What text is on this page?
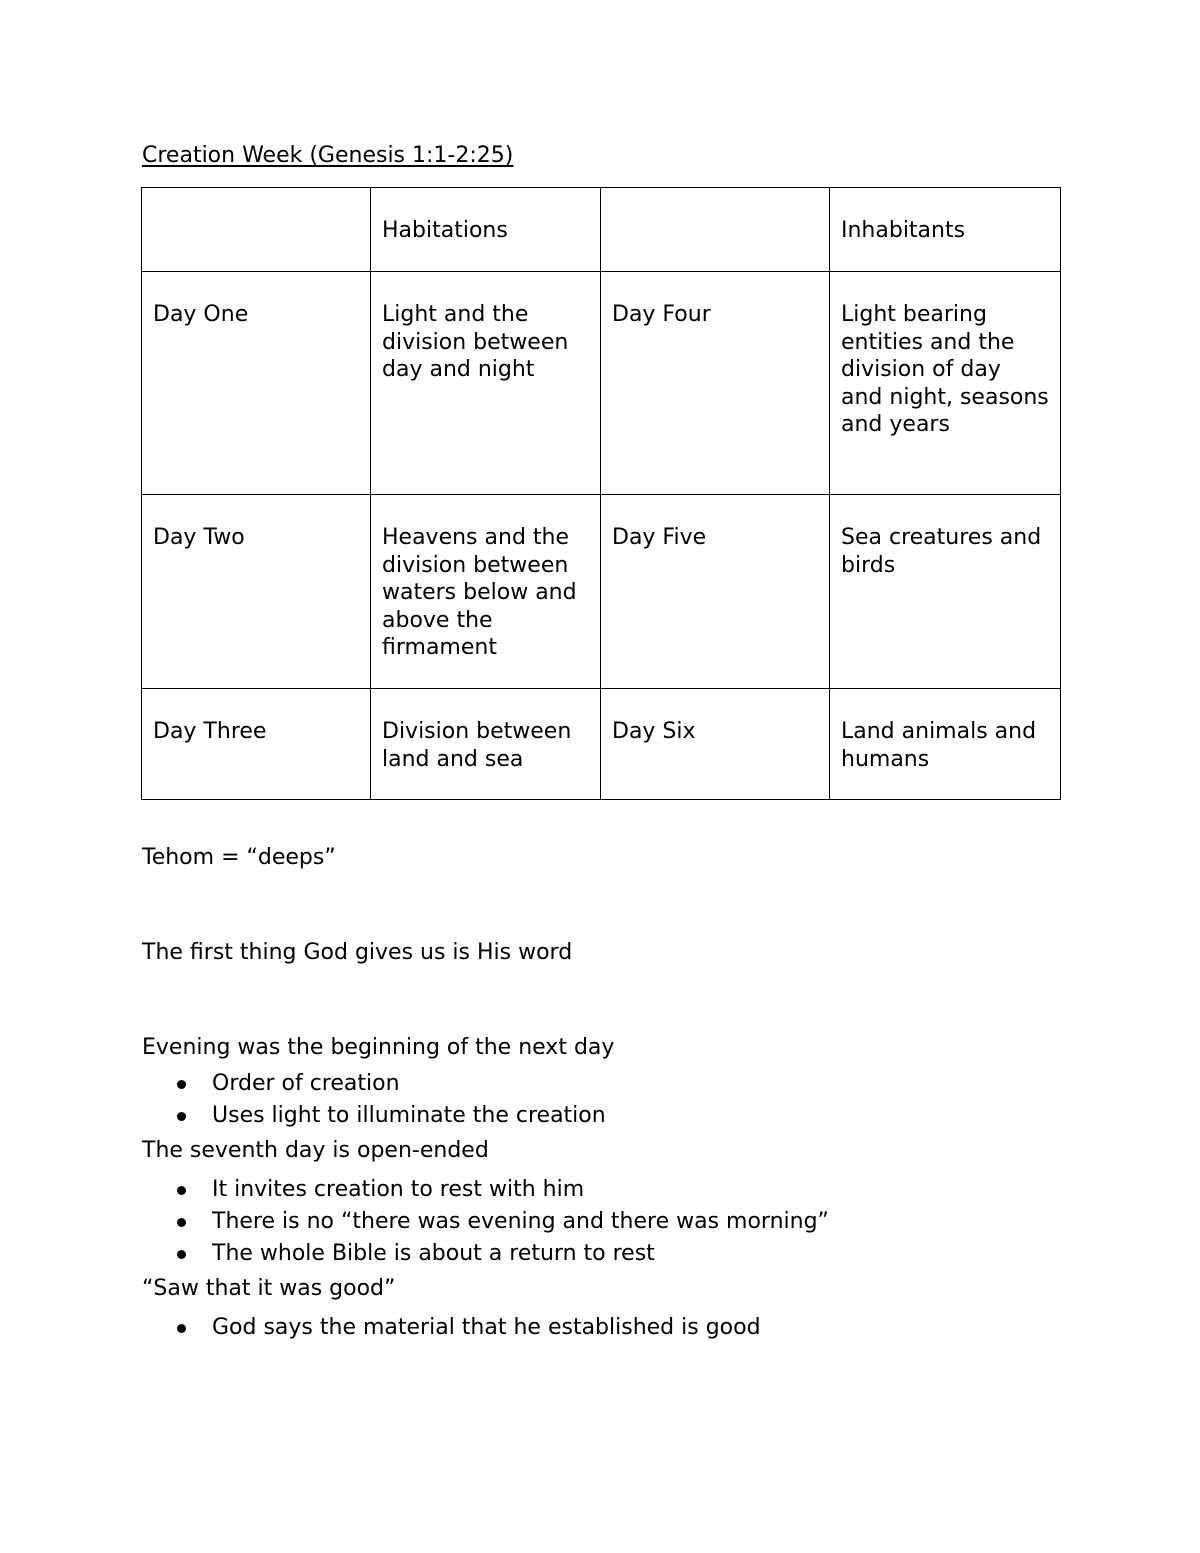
Creation Week (Genesis 1:1-2:25)
	Habitations		Inhabitants
Day One	Light and the division between day and night	Day Four	Light bearing entities and the division of day and night, seasons and years
Day Two	Heavens and the division between waters below and above the firmament	Day Five	Sea creatures and birds
Day Three	Division between land and sea	Day Six	Land animals and humans

Tehom = “deeps”

The first thing God gives us is His word

Evening was the beginning of the next day

Order of creation
Uses light to illuminate the creation

The seventh day is open-ended

It invites creation to rest with him
There is no “there was evening and there was morning”
The whole Bible is about a return to rest

“Saw that it was good”

God says the material that he established is good
